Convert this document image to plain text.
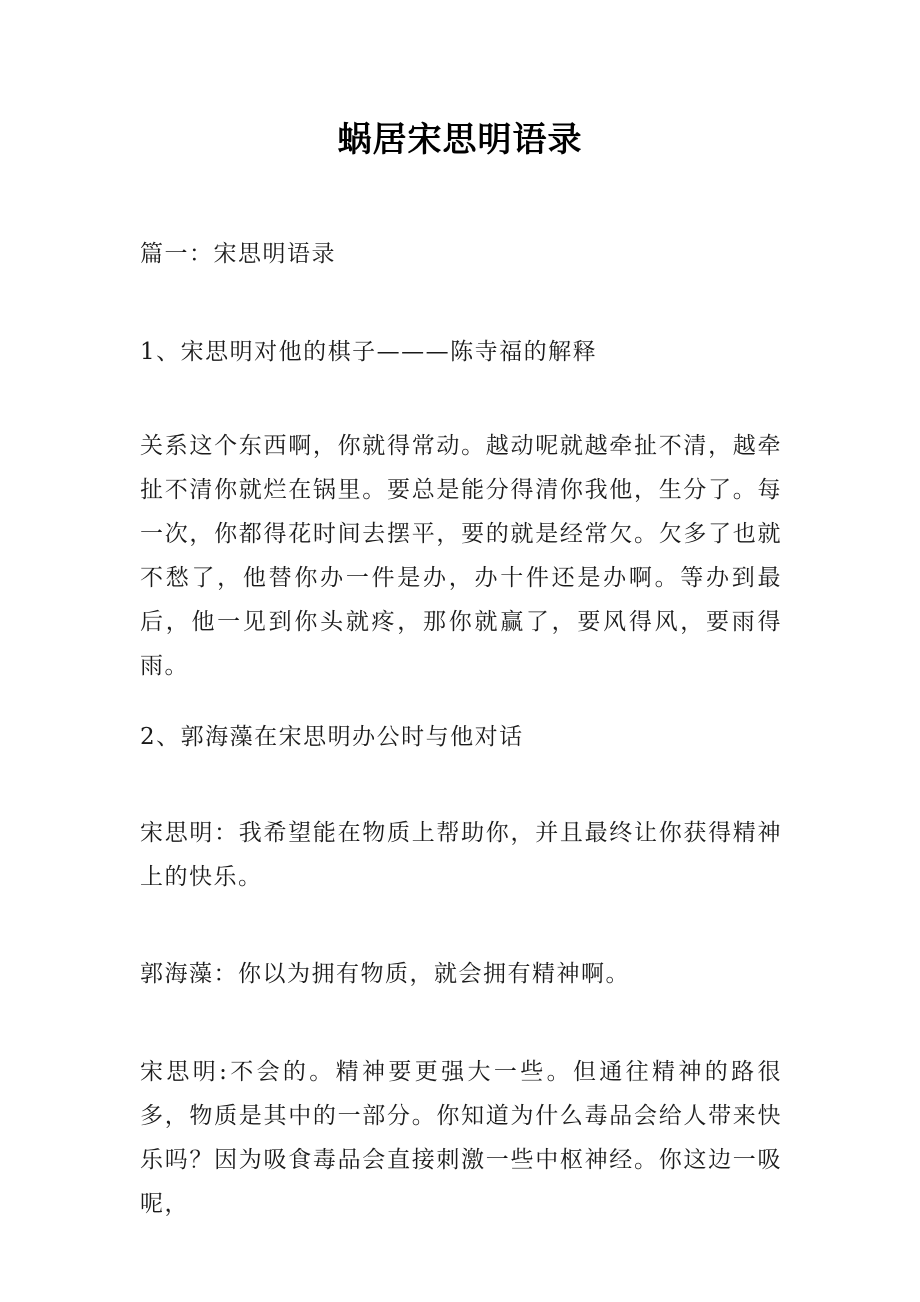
蜗居宋思明语录

篇一：宋思明语录

1、宋思明对他的棋子———陈寺福的解释

关系这个东西啊，你就得常动。越动呢就越牵扯不清，越牵扯不清你就烂在锅里。要总是能分得清你我他，生分了。每一次，你都得花时间去摆平，要的就是经常欠。欠多了也就不愁了，他替你办一件是办，办十件还是办啊。等办到最后，他一见到你头就疼，那你就赢了，要风得风，要雨得雨。

2、郭海藻在宋思明办公时与他对话

宋思明：我希望能在物质上帮助你，并且最终让你获得精神上的快乐。

郭海藻：你以为拥有物质，就会拥有精神啊。

宋思明:不会的。精神要更强大一些。但通往精神的路很多，物质是其中的一部分。你知道为什么毒品会给人带来快乐吗？因为吸食毒品会直接刺激一些中枢神经。你这边一吸呢，
